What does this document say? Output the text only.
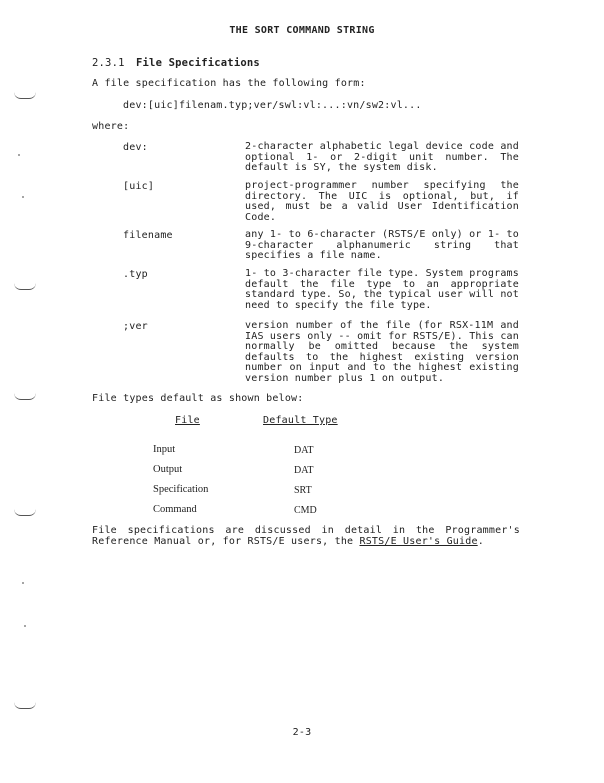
THE SORT COMMAND STRING
2.3.1 File Specifications
A file specification has the following form:
dev:[uic]filenam.typ;ver/swl:vl:...:vn/sw2:vl...
where:
dev:	2-character alphabetic legal device code and optional 1- or 2-digit unit number. The default is SY, the system disk.
[uic]	project-programmer number specifying the directory. The UIC is optional, but, if used, must be a valid User Identification Code.
filename	any 1- to 6-character (RSTS/E only) or 1- to 9-character alphanumeric string that specifies a file name.
.typ	1- to 3-character file type. System programs default the file type to an appropriate standard type. So, the typical user will not need to specify the file type.
;ver	version number of the file (for RSX-11M and IAS users only -- omit for RSTS/E). This can normally be omitted because the system defaults to the highest existing version number on input and to the highest existing version number plus 1 on output.
File types default as shown below:
File	Default Type
Input	DAT
Output	DAT
Specification	SRT
Command	CMD
File specifications are discussed in detail in the Programmer's Reference Manual or, for RSTS/E users, the RSTS/E User's Guide.
2-3
